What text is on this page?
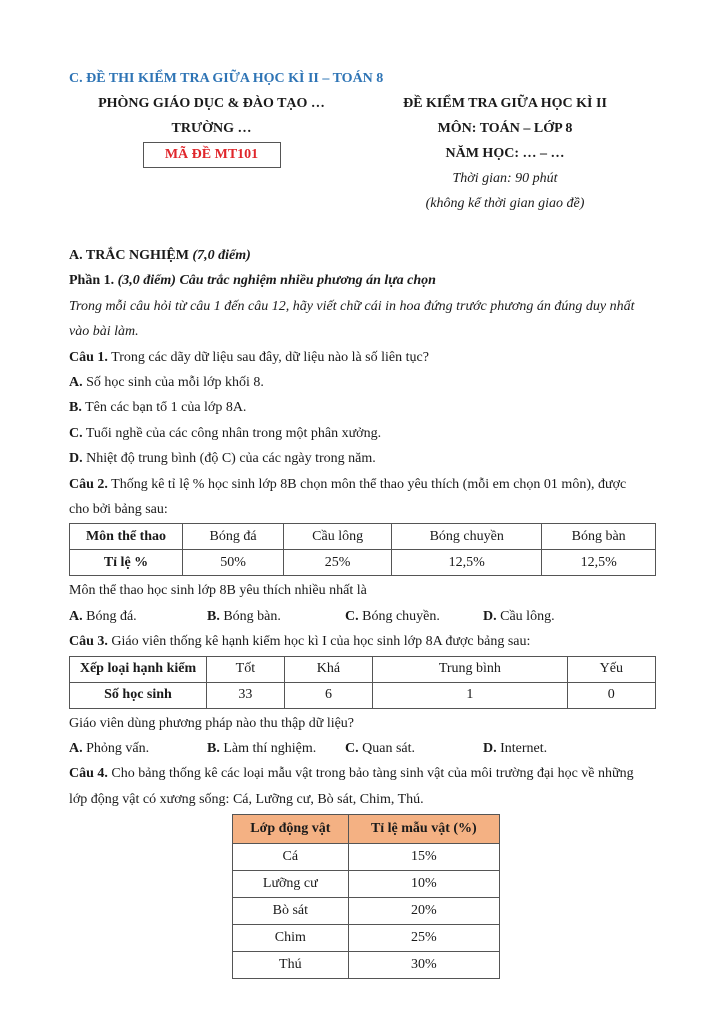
C. ĐỀ THI KIỂM TRA GIỮA HỌC KÌ II – TOÁN 8
PHÒNG GIÁO DỤC & ĐÀO TẠO …
TRƯỜNG …
MÃ ĐỀ MT101
ĐỀ KIỂM TRA GIỮA HỌC KÌ II
MÔN: TOÁN – LỚP 8
NĂM HỌC: … – …
Thời gian: 90 phút
(không kể thời gian giao đề)
A. TRẮC NGHIỆM (7,0 điểm)
Phần 1. (3,0 điểm) Câu trắc nghiệm nhiều phương án lựa chọn
Trong mỗi câu hỏi từ câu 1 đến câu 12, hãy viết chữ cái in hoa đứng trước phương án đúng duy nhất
vào bài làm.
Câu 1. Trong các dãy dữ liệu sau đây, dữ liệu nào là số liên tục?
A. Số học sinh của mỗi lớp khối 8.
B. Tên các bạn tổ 1 của lớp 8A.
C. Tuổi nghề của các công nhân trong một phân xưởng.
D. Nhiệt độ trung bình (độ C) của các ngày trong năm.
Câu 2. Thống kê tỉ lệ % học sinh lớp 8B chọn môn thể thao yêu thích (mỗi em chọn 01 môn), được
cho bởi bảng sau:
Môn thể thao	Bóng đá	Cầu lông	Bóng chuyền	Bóng bàn
Tỉ lệ %	50%	25%	12,5%	12,5%
Môn thể thao học sinh lớp 8B yêu thích nhiều nhất là
A. Bóng đá.	B. Bóng bàn.	C. Bóng chuyền.	D. Cầu lông.
Câu 3. Giáo viên thống kê hạnh kiểm học kì I của học sinh lớp 8A được bảng sau:
Xếp loại hạnh kiểm	Tốt	Khá	Trung bình	Yếu
Số học sinh	33	6	1	0
Giáo viên dùng phương pháp nào thu thập dữ liệu?
A. Phỏng vấn.	B. Làm thí nghiệm. C. Quan sát.	D. Internet.
Câu 4. Cho bảng thống kê các loại mẫu vật trong bảo tàng sinh vật của môi trường đại học về những
lớp động vật có xương sống: Cá, Lưỡng cư, Bò sát, Chim, Thú.
Lớp động vật	Tỉ lệ mẫu vật (%)
Cá	15%
Lưỡng cư	10%
Bò sát	20%
Chim	25%
Thú	30%
